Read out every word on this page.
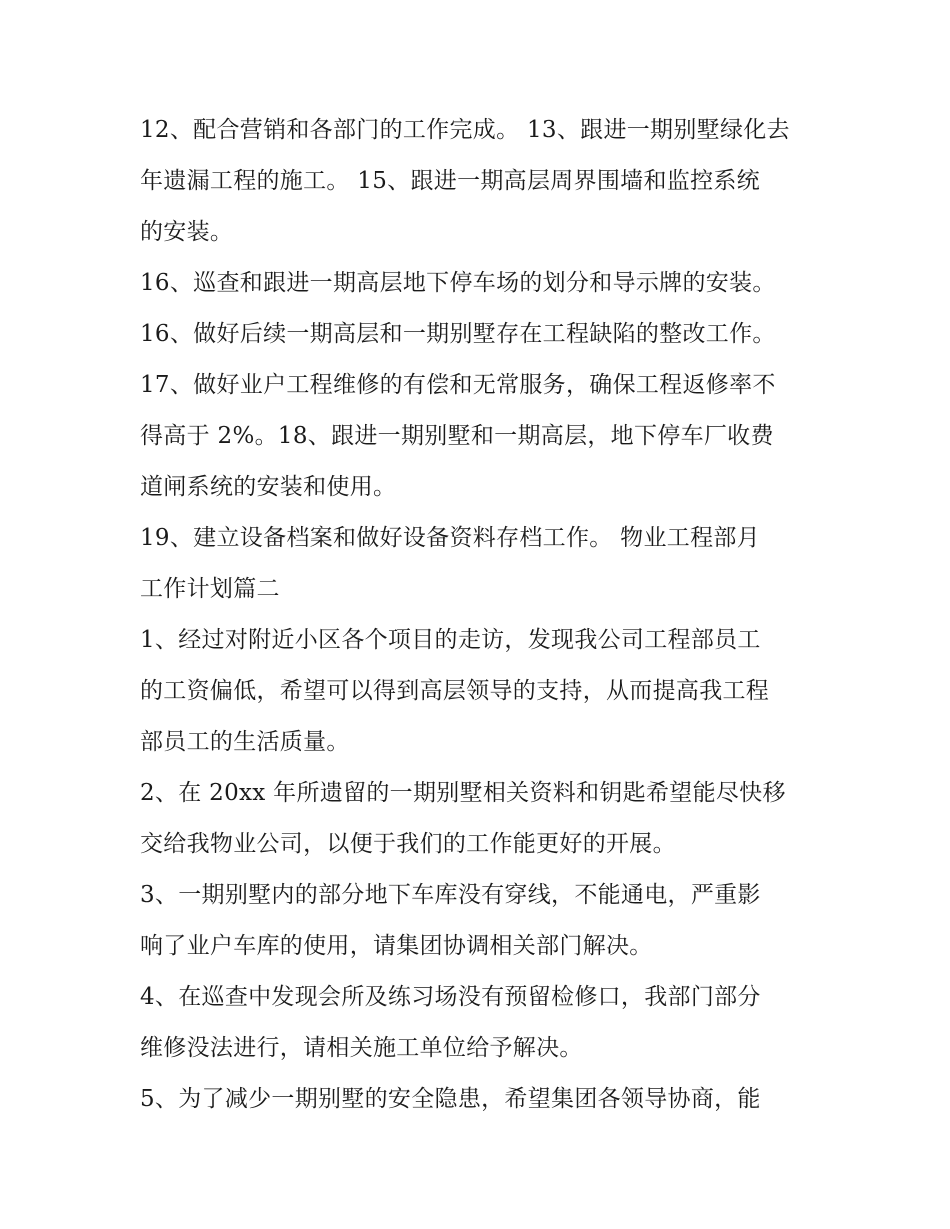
12、配合营销和各部门的工作完成。 13、跟进一期别墅绿化去
年遗漏工程的施工。 15、跟进一期高层周界围墙和监控系统
的安装。
16、巡查和跟进一期高层地下停车场的划分和导示牌的安装。
16、做好后续一期高层和一期别墅存在工程缺陷的整改工作。
17、做好业户工程维修的有偿和无常服务，确保工程返修率不
得高于 2%。18、跟进一期别墅和一期高层，地下停车厂收费
道闸系统的安装和使用。
19、建立设备档案和做好设备资料存档工作。 物业工程部月
工作计划篇二
1、经过对附近小区各个项目的走访，发现我公司工程部员工
的工资偏低，希望可以得到高层领导的支持，从而提高我工程
部员工的生活质量。
2、在 20xx 年所遗留的一期别墅相关资料和钥匙希望能尽快移
交给我物业公司，以便于我们的工作能更好的开展。
3、一期别墅内的部分地下车库没有穿线，不能通电，严重影
响了业户车库的使用，请集团协调相关部门解决。
4、在巡查中发现会所及练习场没有预留检修口，我部门部分
维修没法进行，请相关施工单位给予解决。
5、为了减少一期别墅的安全隐患，希望集团各领导协商，能
